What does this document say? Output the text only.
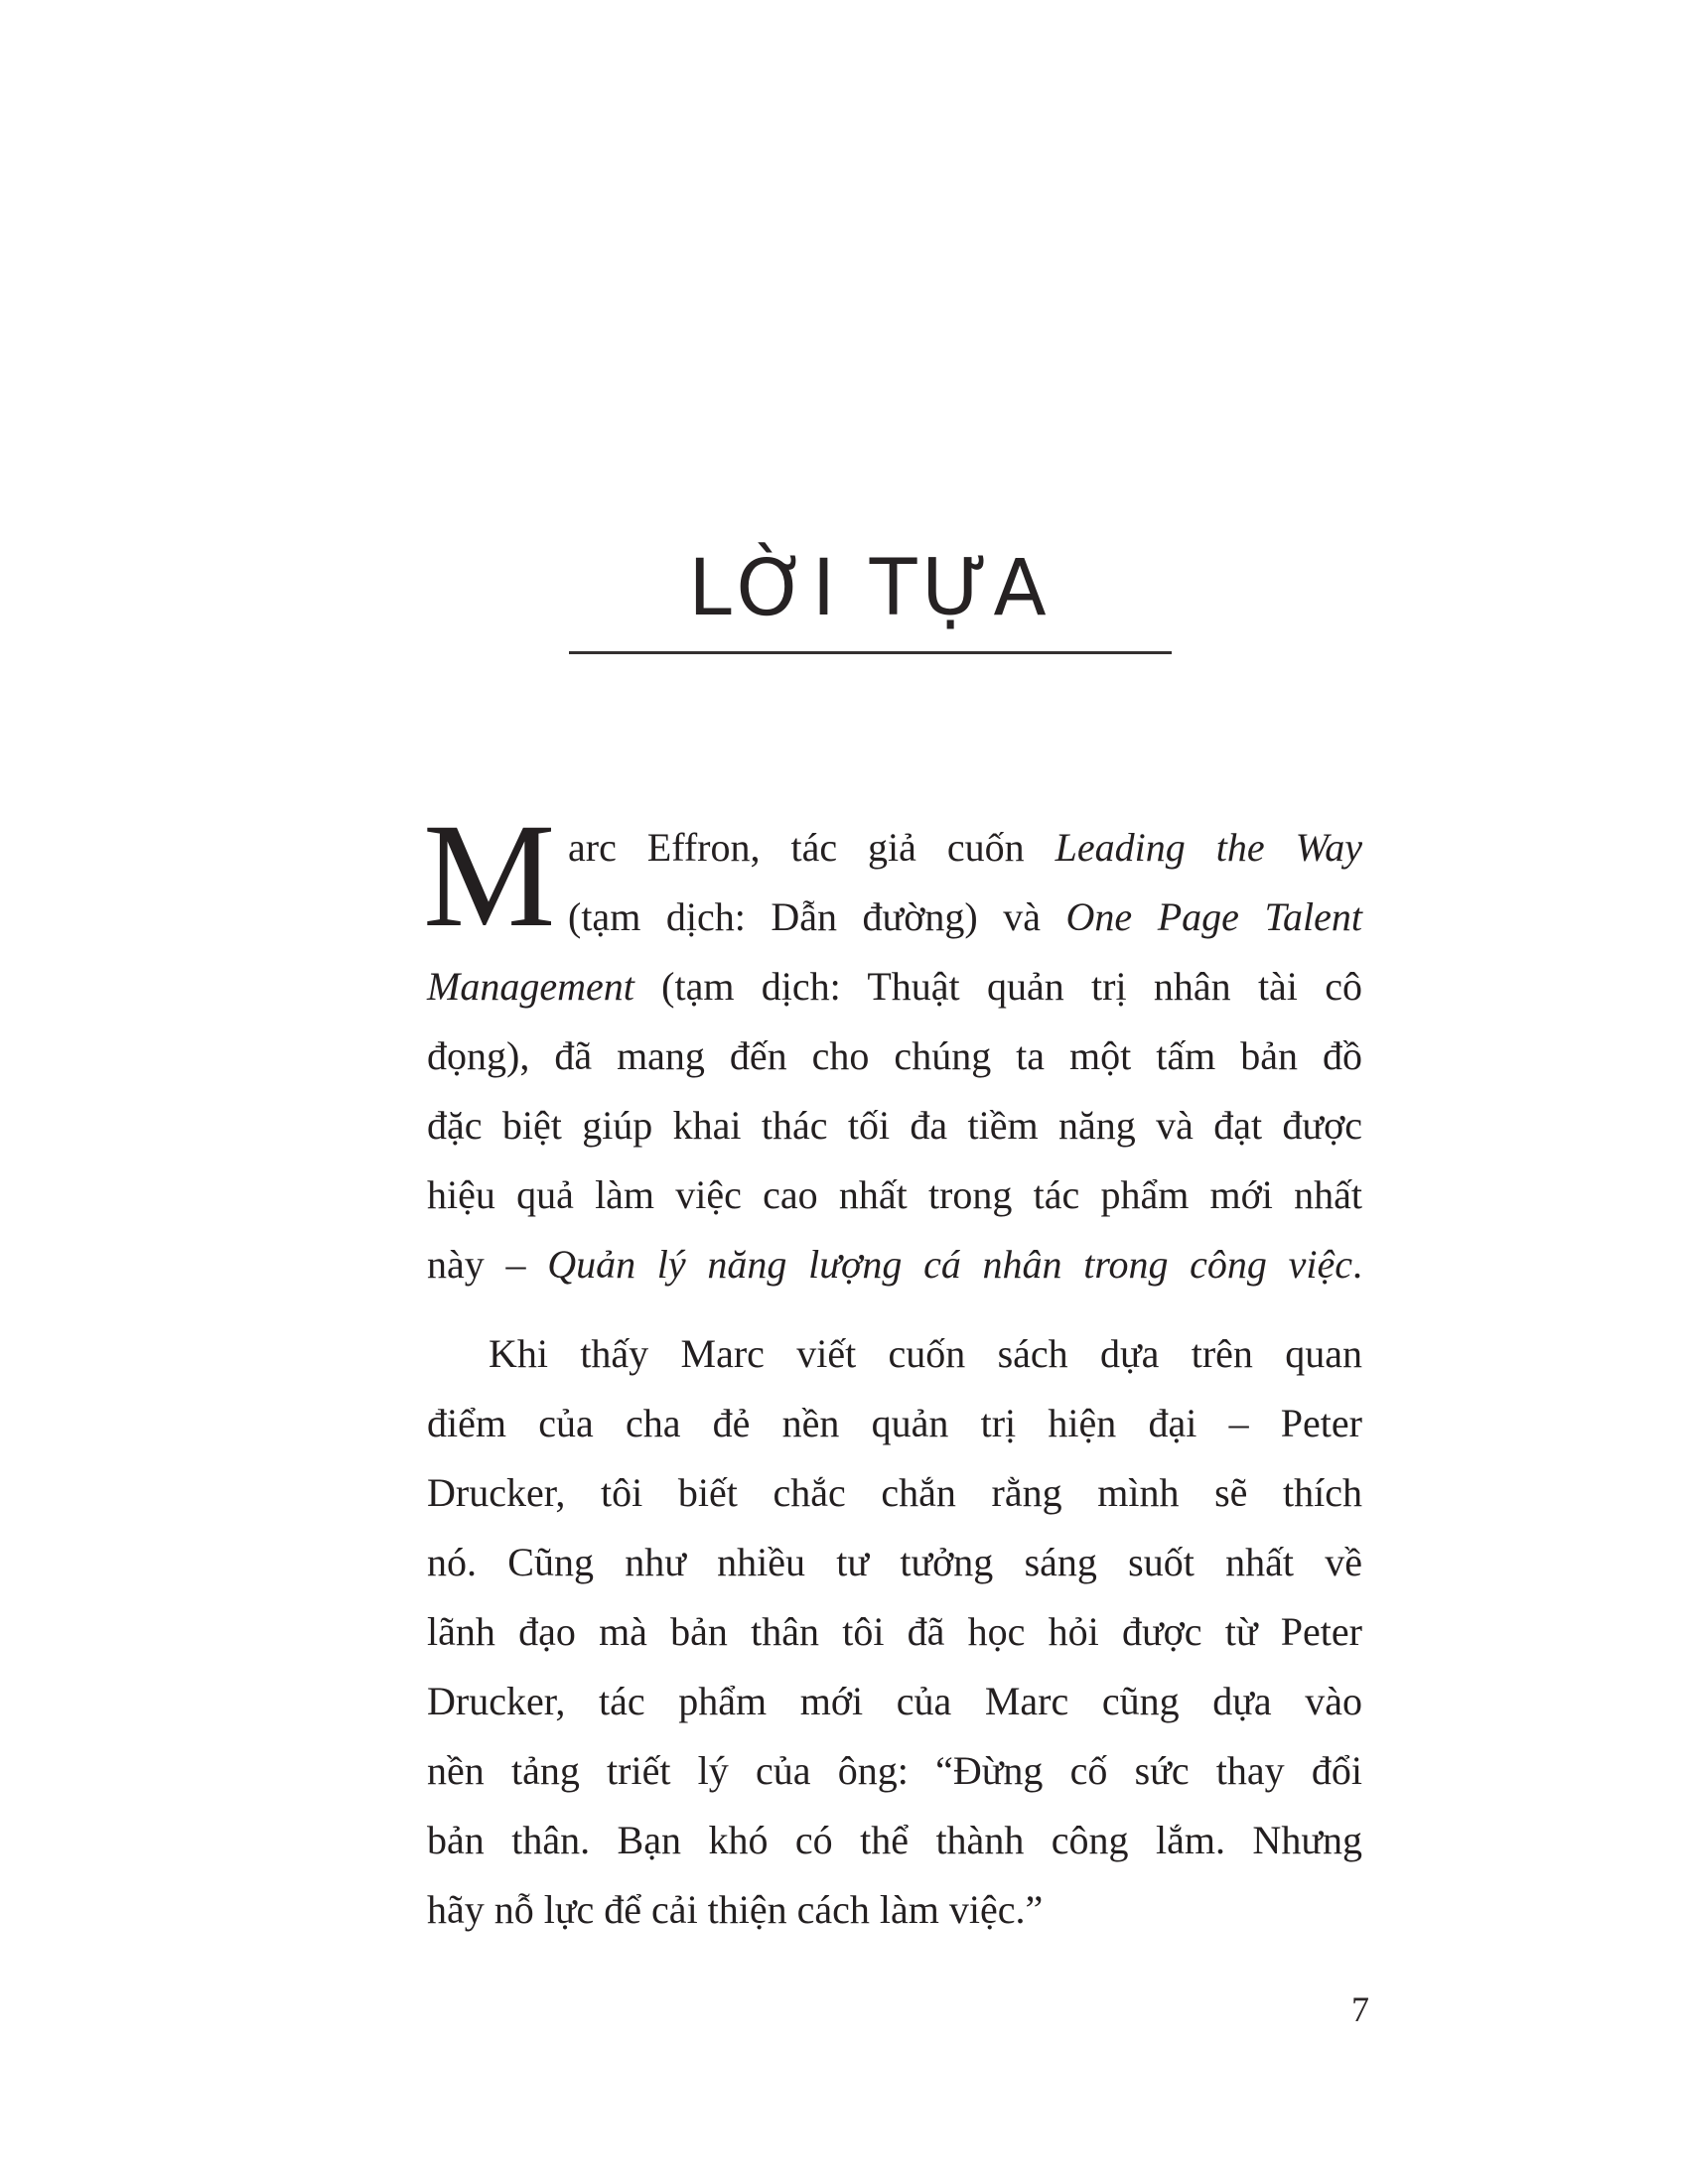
LỜI TỰA
M arc Effron, tác giả cuốn Leading the Way
(tạm dịch: Dẫn đường) và One Page Talent
Management (tạm dịch: Thuật quản trị nhân tài cô
đọng), đã mang đến cho chúng ta một tấm bản đồ
đặc biệt giúp khai thác tối đa tiềm năng và đạt được
hiệu quả làm việc cao nhất trong tác phẩm mới nhất
này – Quản lý năng lượng cá nhân trong công việc.
Khi thấy Marc viết cuốn sách dựa trên quan
điểm của cha đẻ nền quản trị hiện đại – Peter
Drucker, tôi biết chắc chắn rằng mình sẽ thích
nó. Cũng như nhiều tư tưởng sáng suốt nhất về
lãnh đạo mà bản thân tôi đã học hỏi được từ Peter
Drucker, tác phẩm mới của Marc cũng dựa vào
nền tảng triết lý của ông: “Đừng cố sức thay đổi
bản thân. Bạn khó có thể thành công lắm. Nhưng
hãy nỗ lực để cải thiện cách làm việc.”
7
